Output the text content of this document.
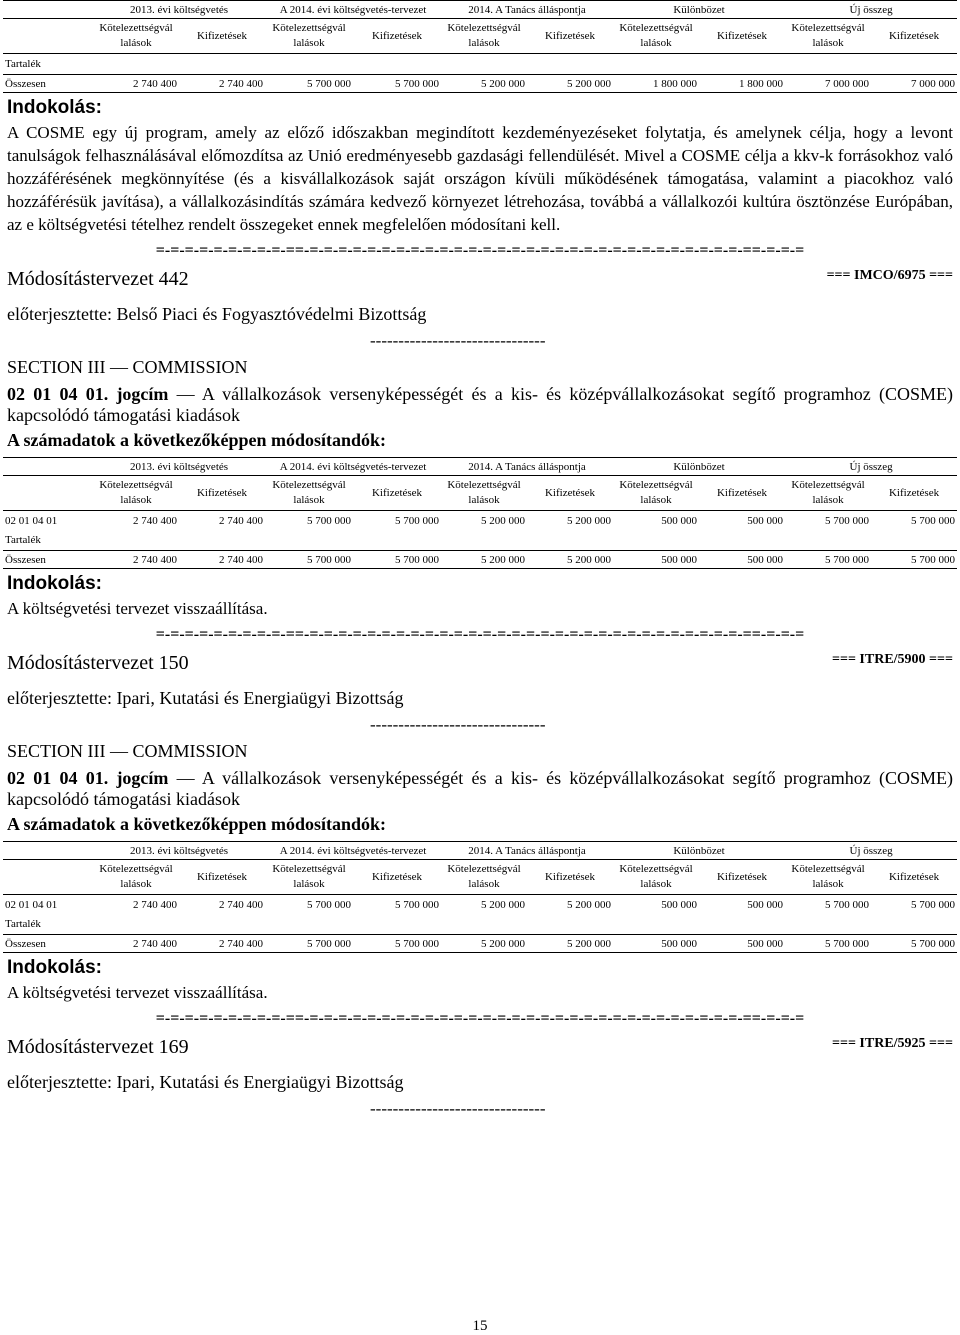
	2013. évi költségvetés		A 2014. évi költségvetés-tervezet		2014. A Tanács álláspontja		Különbözet		Új összeg	
	Kötelezettségvál lalások	Kifizetések	Kötelezettségvál lalások	Kifizetések	Kötelezettségvál lalások	Kifizetések	Kötelezettségvál lalások	Kifizetések	Kötelezettségvál lalások	Kifizetések
Tartalék										
Összesen	2 740 400	2 740 400	5 700 000	5 700 000	5 200 000	5 200 000	1 800 000	1 800 000	7 000 000	7 000 000
Indokolás:
A COSME egy új program, amely az előző időszakban megindított kezdeményezéseket folytatja, és amelynek célja, hogy a levont tanulságok felhasználásával előmozdítsa az Unió eredményesebb gazdasági fellendülését. Mivel a COSME célja a kkv-k forrásokhoz való hozzáférésének megkönnyítése (és a kisvállalkozások saját országon kívüli működésének támogatása, valamint a piacokhoz való hozzáférésük javítása), a vállalkozásindítás számára kedvező környezet létrehozása, továbbá a vállalkozói kultúra ösztönzése Európában, az e költségvetési tételhez rendelt összegeket ennek megfelelően módosítani kell.
=-=-=-=-=-=-=-=-=-==-=-=-=-=-=-=-=-=-=-=-=-=-=-=-=-=-=-=-=-=-=-=-=-=-=-=-=-=-=-=-==-=-=-=
Módosítástervezet 442	=== IMCO/6975 ===
előterjesztette: Belső Piaci és Fogyasztóvédelmi Bizottság
-------------------------------
SECTION III — COMMISSION
02 01 04 01. jogcím — A vállalkozások versenyképességét és a kis- és középvállalkozásokat segítő programhoz (COSME) kapcsolódó támogatási kiadások
A számadatok a következőképpen módosítandók:
	2013. évi költségvetés		A 2014. évi költségvetés-tervezet		2014. A Tanács álláspontja		Különbözet		Új összeg	
	Kötelezettségvál lalások	Kifizetések	Kötelezettségvál lalások	Kifizetések	Kötelezettségvál lalások	Kifizetések	Kötelezettségvál lalások	Kifizetések	Kötelezettségvál lalások	Kifizetések
02 01 04 01	2 740 400	2 740 400	5 700 000	5 700 000	5 200 000	5 200 000	500 000	500 000	5 700 000	5 700 000
Tartalék										
Összesen	2 740 400	2 740 400	5 700 000	5 700 000	5 200 000	5 200 000	500 000	500 000	5 700 000	5 700 000
Indokolás:
A költségvetési tervezet visszaállítása.
=-=-=-=-=-=-=-=-=-==-=-=-=-=-=-=-=-=-=-=-=-=-=-=-=-=-=-=-=-=-=-=-=-=-=-=-=-=-=-=-==-=-=-=
Módosítástervezet 150	=== ITRE/5900 ===
előterjesztette: Ipari, Kutatási és Energiaügyi Bizottság
-------------------------------
SECTION III — COMMISSION
02 01 04 01. jogcím — A vállalkozások versenyképességét és a kis- és középvállalkozásokat segítő programhoz (COSME) kapcsolódó támogatási kiadások
A számadatok a következőképpen módosítandók:
	2013. évi költségvetés		A 2014. évi költségvetés-tervezet		2014. A Tanács álláspontja		Különbözet		Új összeg	
	Kötelezettségvál lalások	Kifizetések	Kötelezettségvál lalások	Kifizetések	Kötelezettségvál lalások	Kifizetések	Kötelezettségvál lalások	Kifizetések	Kötelezettségvál lalások	Kifizetések
02 01 04 01	2 740 400	2 740 400	5 700 000	5 700 000	5 200 000	5 200 000	500 000	500 000	5 700 000	5 700 000
Tartalék										
Összesen	2 740 400	2 740 400	5 700 000	5 700 000	5 200 000	5 200 000	500 000	500 000	5 700 000	5 700 000
Indokolás:
A költségvetési tervezet visszaállítása.
=-=-=-=-=-=-=-=-=-==-=-=-=-=-=-=-=-=-=-=-=-=-=-=-=-=-=-=-=-=-=-=-=-=-=-=-=-=-=-=-==-=-=-=
Módosítástervezet 169	=== ITRE/5925 ===
előterjesztette: Ipari, Kutatási és Energiaügyi Bizottság
-------------------------------
15
